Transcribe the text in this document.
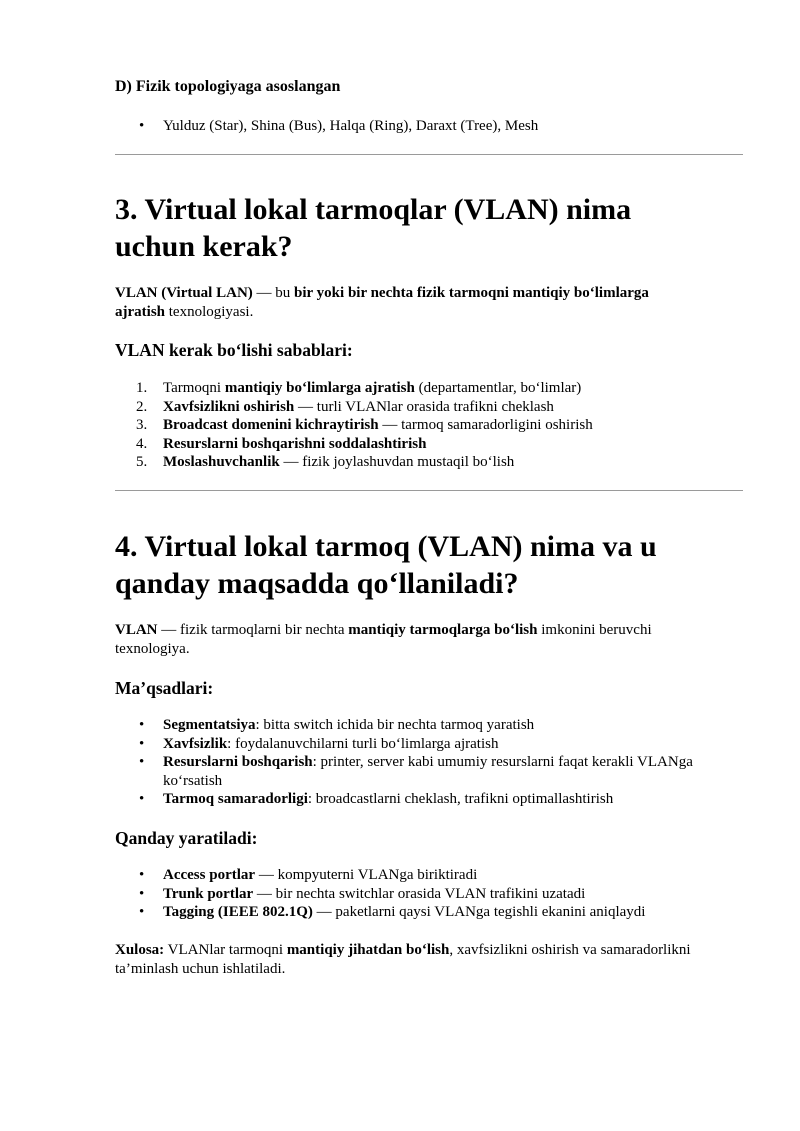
D) Fizik topologiyaga asoslangan
•	Yulduz (Star), Shina (Bus), Halqa (Ring), Daraxt (Tree), Mesh
3. Virtual lokal tarmoqlar (VLAN) nima
uchun kerak?
VLAN (Virtual LAN) — bu bir yoki bir nechta fizik tarmoqni mantiqiy bo‘limlarga
ajratish texnologiyasi.
VLAN kerak bo‘lishi sabablari:
1. Tarmoqni mantiqiy bo‘limlarga ajratish (departamentlar, bo‘limlar)
2. Xavfsizlikni oshirish — turli VLANlar orasida trafikni cheklash
3. Broadcast domenini kichraytirish — tarmoq samaradorligini oshirish
4. Resurslarni boshqarishni soddalashtirish
5. Moslashuvchanlik — fizik joylashuvdan mustaqil bo‘lish
4. Virtual lokal tarmoq (VLAN) nima va u
qanday maqsadda qo‘llaniladi?
VLAN — fizik tarmoqlarni bir nechta mantiqiy tarmoqlarga bo‘lish imkonini beruvchi
texnologiya.
Ma’qsadlari:
•	Segmentatsiya: bitta switch ichida bir nechta tarmoq yaratish
•	Xavfsizlik: foydalanuvchilarni turli bo‘limlarga ajratish
•	Resurslarni boshqarish: printer, server kabi umumiy resurslarni faqat kerakli VLANga
ko‘rsatish
•	Tarmoq samaradorligi: broadcastlarni cheklash, trafikni optimallashtirish
Qanday yaratiladi:
•	Access portlar — kompyuterni VLANga biriktiradi
•	Trunk portlar — bir nechta switchlar orasida VLAN trafikini uzatadi
•	Tagging (IEEE 802.1Q) — paketlarni qaysi VLANga tegishli ekanini aniqlaydi
Xulosa: VLANlar tarmoqni mantiqiy jihatdan bo‘lish, xavfsizlikni oshirish va samaradorlikni
ta’minlash uchun ishlatiladi.
